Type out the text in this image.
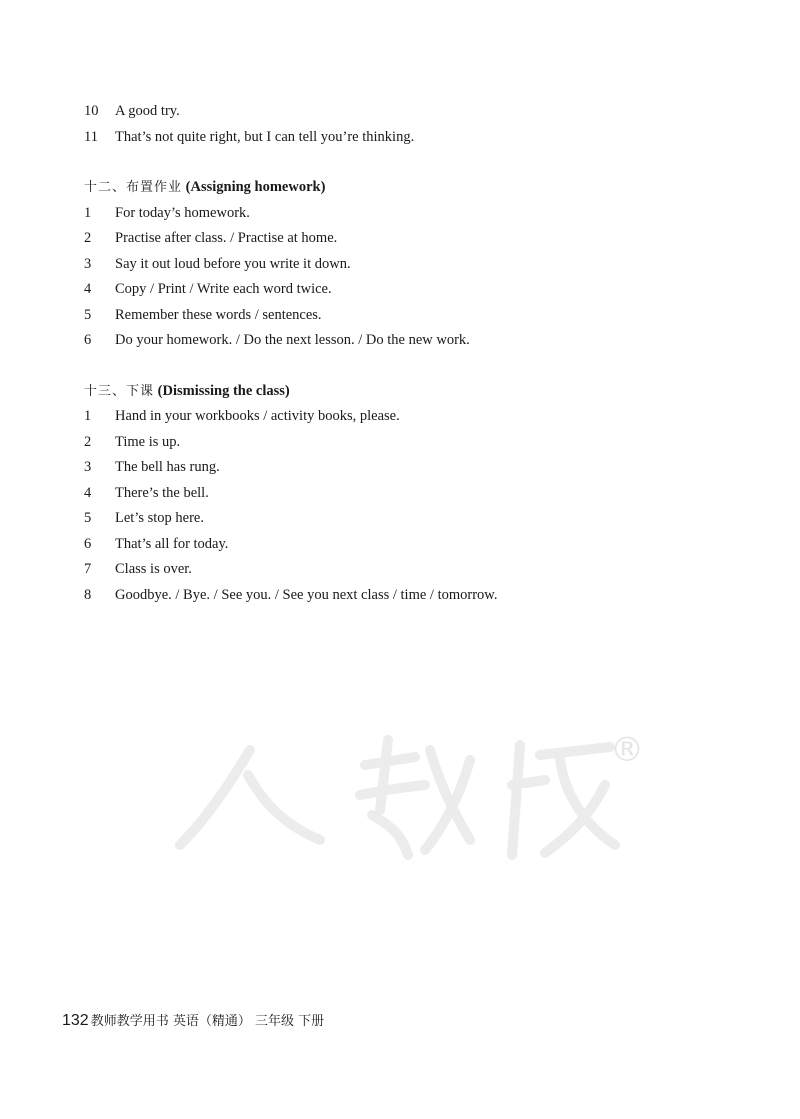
10 A good try.
11 That’s not quite right, but I can tell you’re thinking.
十二、布置作业 (Assigning homework)
1 For today’s homework.
2 Practise after class. / Practise at home.
3 Say it out loud before you write it down.
4 Copy / Print / Write each word twice.
5 Remember these words / sentences.
6 Do your homework. / Do the next lesson. / Do the new work.
十三、下课 (Dismissing the class)
1 Hand in your workbooks / activity books, please.
2 Time is up.
3 The bell has rung.
4 There’s the bell.
5 Let’s stop here.
6 That’s all for today.
7 Class is over.
8 Goodbye. / Bye. / See you. / See you next class / time / tomorrow.
®
132 教师教学用书 英语（精通） 三年级 下册
